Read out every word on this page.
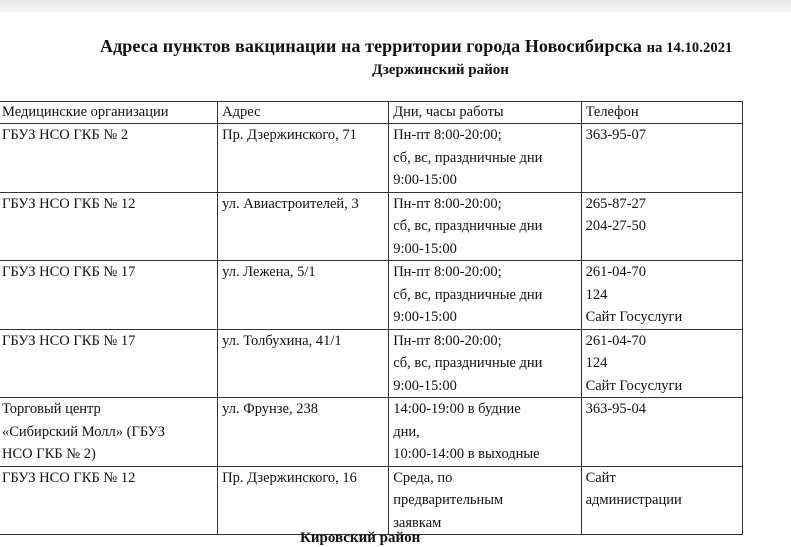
Адреса пунктов вакцинации на территории города Новосибирска на 14.10.2021
Дзержинский район
Медицинские организации	Адрес	Дни, часы работы	Телефон

ГБУЗ НСО ГКБ № 2	Пр. Дзержинского, 71	Пн-пт 8:00-20:00;
сб, вс, праздничные дни
9:00-15:00	363-95-07

ГБУЗ НСО ГКБ № 12	ул. Авиастроителей, 3	Пн-пт 8:00-20:00;
сб, вс, праздничные дни
9:00-15:00	265-87-27
204-27-50

ГБУЗ НСО ГКБ № 17	ул. Лежена, 5/1	Пн-пт 8:00-20:00;
сб, вс, праздничные дни
9:00-15:00	261-04-70
124
Сайт Госуслуги

ГБУЗ НСО ГКБ № 17	ул. Толбухина, 41/1	Пн-пт 8:00-20:00;
сб, вс, праздничные дни
9:00-15:00	261-04-70
124
Сайт Госуслуги

Торговый центр
«Сибирский Молл» (ГБУЗ
НСО ГКБ № 2)	ул. Фрунзе, 238	14:00-19:00 в будние
дни,
10:00-14:00 в выходные	363-95-04

ГБУЗ НСО ГКБ № 12	Пр. Дзержинского, 16	Среда, по
предварительным
заявкам	Сайт
администрации
Кировский район
